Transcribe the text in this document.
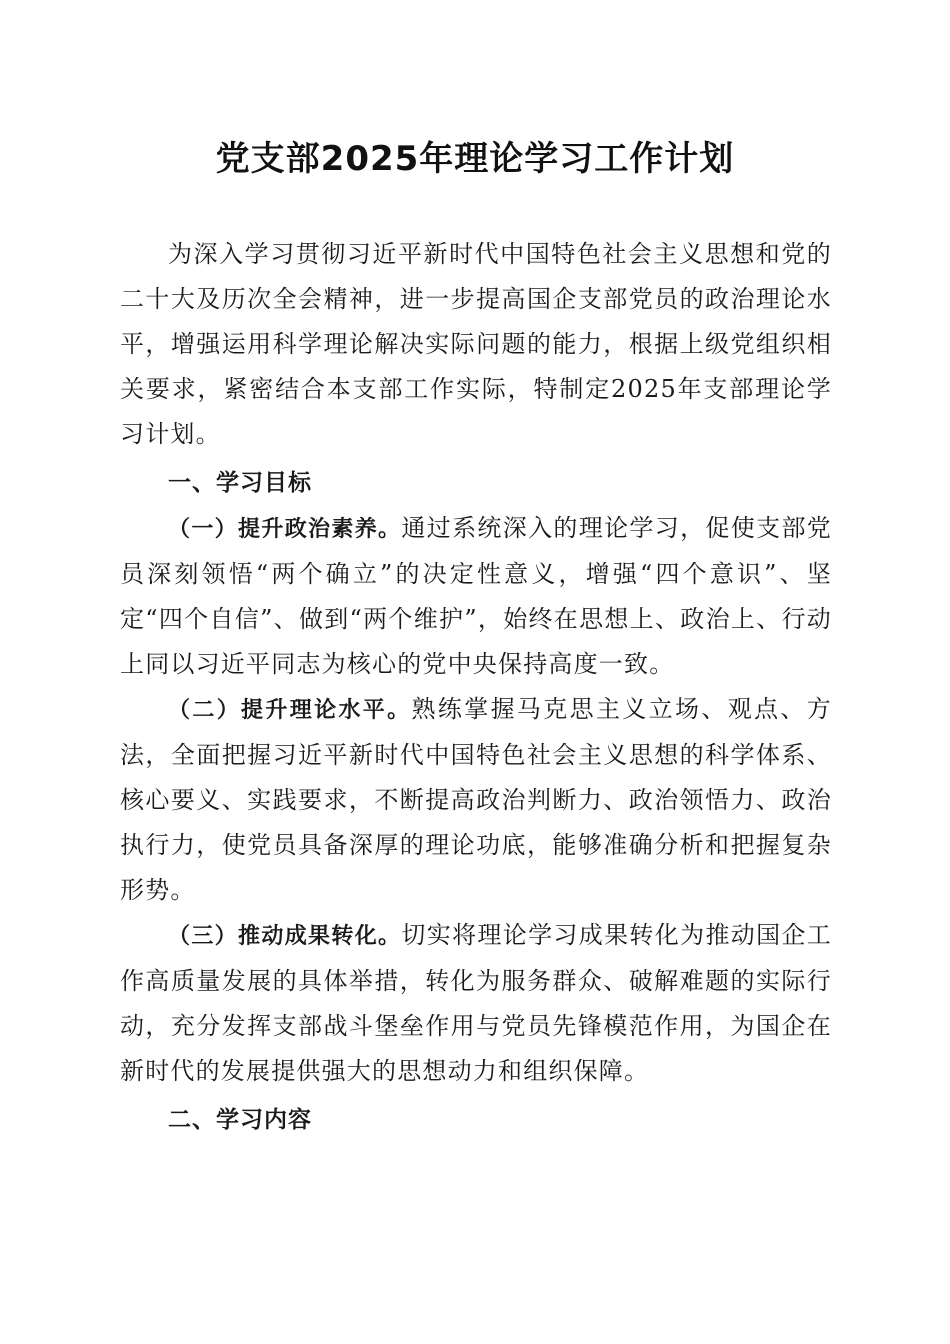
党支部2025年理论学习工作计划

为深入学习贯彻习近平新时代中国特色社会主义思想和党的二十大及历次全会精神，进一步提高国企支部党员的政治理论水平，增强运用科学理论解决实际问题的能力，根据上级党组织相关要求，紧密结合本支部工作实际，特制定2025年支部理论学习计划。

一、学习目标

（一）提升政治素养。通过系统深入的理论学习，促使支部党员深刻领悟“两个确立”的决定性意义，增强“四个意识”、坚定“四个自信”、做到“两个维护”，始终在思想上、政治上、行动上同以习近平同志为核心的党中央保持高度一致。

（二）提升理论水平。熟练掌握马克思主义立场、观点、方法，全面把握习近平新时代中国特色社会主义思想的科学体系、核心要义、实践要求，不断提高政治判断力、政治领悟力、政治执行力，使党员具备深厚的理论功底，能够准确分析和把握复杂形势。

（三）推动成果转化。切实将理论学习成果转化为推动国企工作高质量发展的具体举措，转化为服务群众、破解难题的实际行动，充分发挥支部战斗堡垒作用与党员先锋模范作用，为国企在新时代的发展提供强大的思想动力和组织保障。

二、学习内容
